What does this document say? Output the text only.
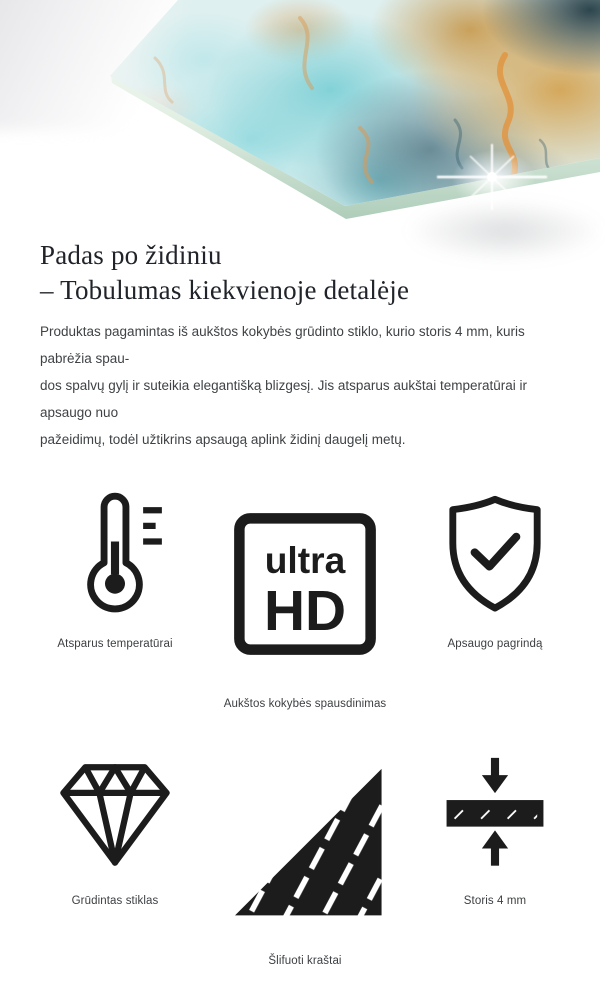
Padas po židiniu
– Tobulumas kiekvienoje detalėje
Produktas pagamintas iš aukštos kokybės grūdinto stiklo, kurio storis 4 mm, kuris pabrėžia spau-
dos spalvų gylį ir suteikia elegantišką blizgesį. Jis atsparus aukštai temperatūrai ir apsaugo nuo
pažeidimų, todėl užtikrins apsaugą aplink židinį daugelį metų.
Atsparus temperatūrai
ultra
HD
Aukštos kokybės spausdinimas
Apsaugo pagrindą
Grūdintas stiklas
Šlifuoti kraštai
Storis 4 mm
